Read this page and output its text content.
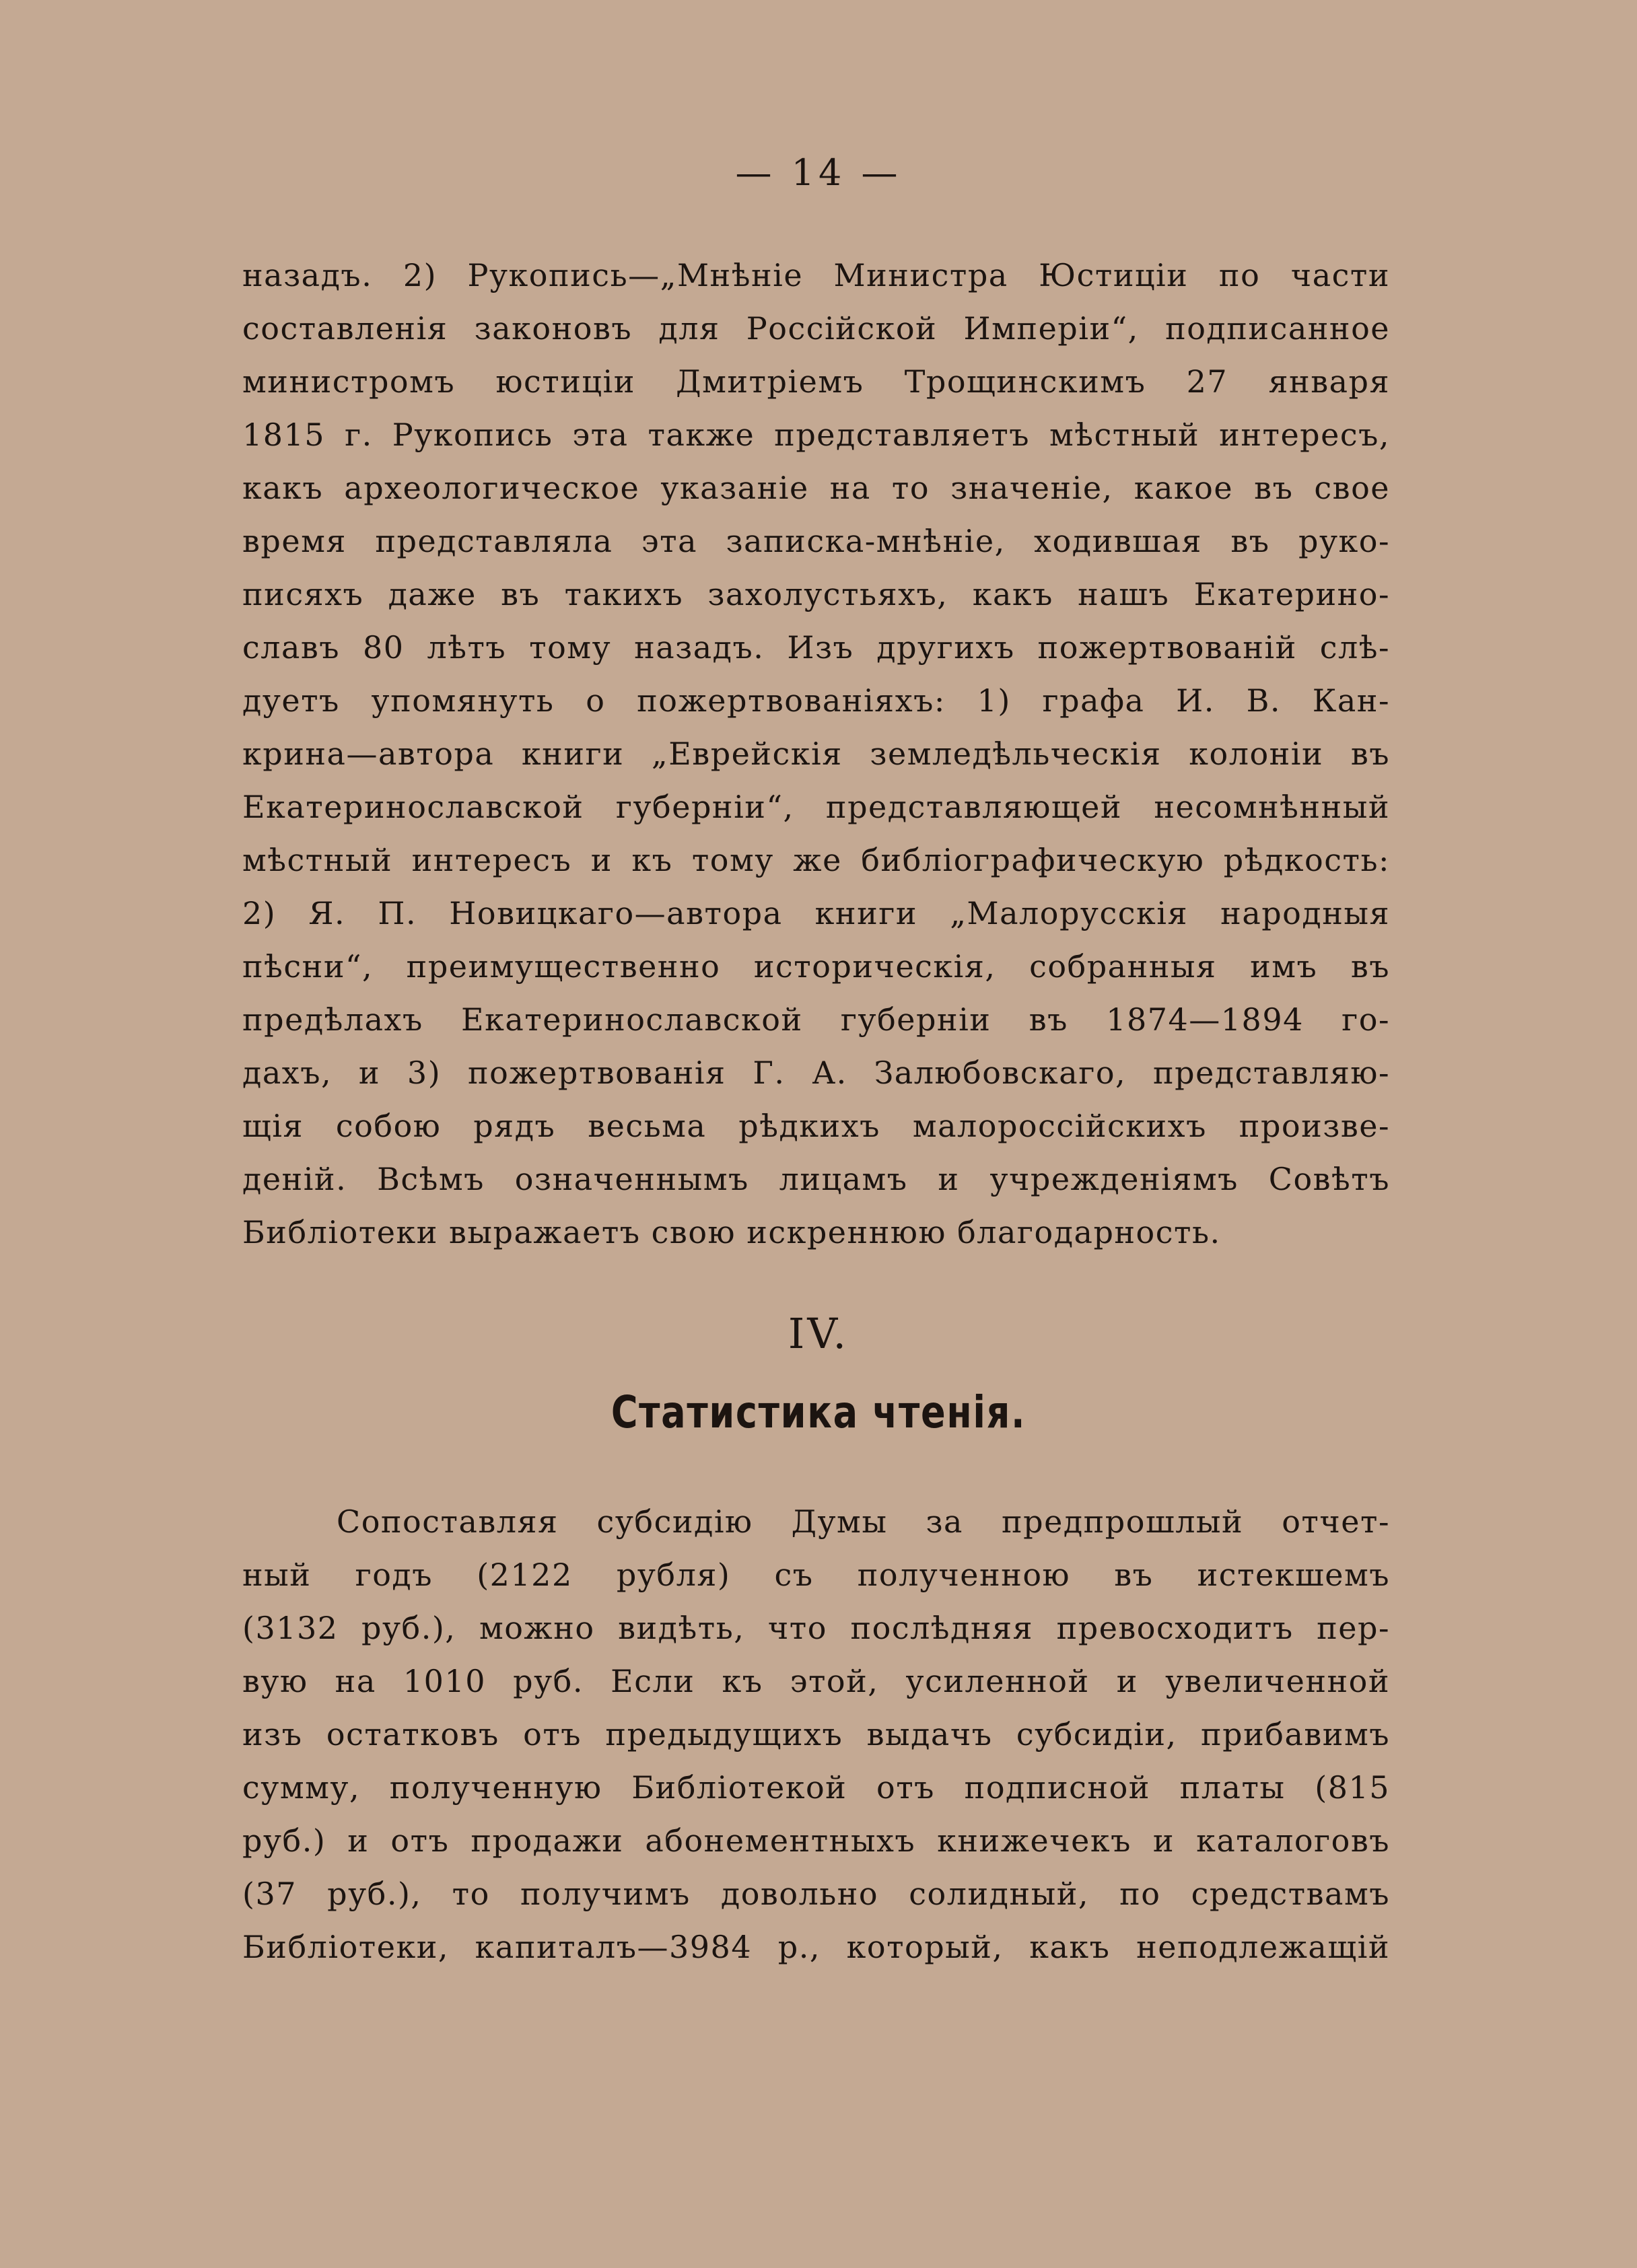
— 14 —
назадъ. 2) Рукопись—„Мнѣніе Министра Юстиціи по части
составленія законовъ для Россійской Имперіи“, подписанное
министромъ юстиціи Дмитріемъ Трощинскимъ 27 января
1815 г. Рукопись эта также представляетъ мѣстный интересъ,
какъ археологическое указаніе на то значеніе, какое въ свое
время представляла эта записка-мнѣніе, ходившая въ руко-
писяхъ даже въ такихъ захолустьяхъ, какъ нашъ Екатерино-
славъ 80 лѣтъ тому назадъ. Изъ другихъ пожертвованій слѣ-
дуетъ упомянуть о пожертвованіяхъ: 1) графа И. В. Кан-
крина—автора книги „Еврейскія земледѣльческія колоніи въ
Екатеринославской губерніи“, представляющей несомнѣнный
мѣстный интересъ и къ тому же библіографическую рѣдкость:
2) Я. П. Новицкаго—автора книги „Малорусскія народныя
пѣсни“, преимущественно историческія, собранныя имъ въ
предѣлахъ Екатеринославской губерніи въ 1874—1894 го-
дахъ, и 3) пожертвованія Г. А. Залюбовскаго, представляю-
щія собою рядъ весьма рѣдкихъ малороссійскихъ произве-
деній. Всѣмъ означеннымъ лицамъ и учрежденіямъ Совѣтъ
Библіотеки выражаетъ свою искреннюю благодарность.
IV.
Статистика чтенія.
Сопоставляя субсидію Думы за предпрошлый отчет-
ный годъ (2122 рубля) съ полученною въ истекшемъ
(3132 руб.), можно видѣть, что послѣдняя превосходитъ пер-
вую на 1010 руб. Если къ этой, усиленной и увеличенной
изъ остатковъ отъ предыдущихъ выдачъ субсидіи, прибавимъ
сумму, полученную Библіотекой отъ подписной платы (815
руб.) и отъ продажи абонементныхъ книжечекъ и каталоговъ
(37 руб.), то получимъ довольно солидный, по средствамъ
Библіотеки, капиталъ—3984 р., который, какъ неподлежащій
